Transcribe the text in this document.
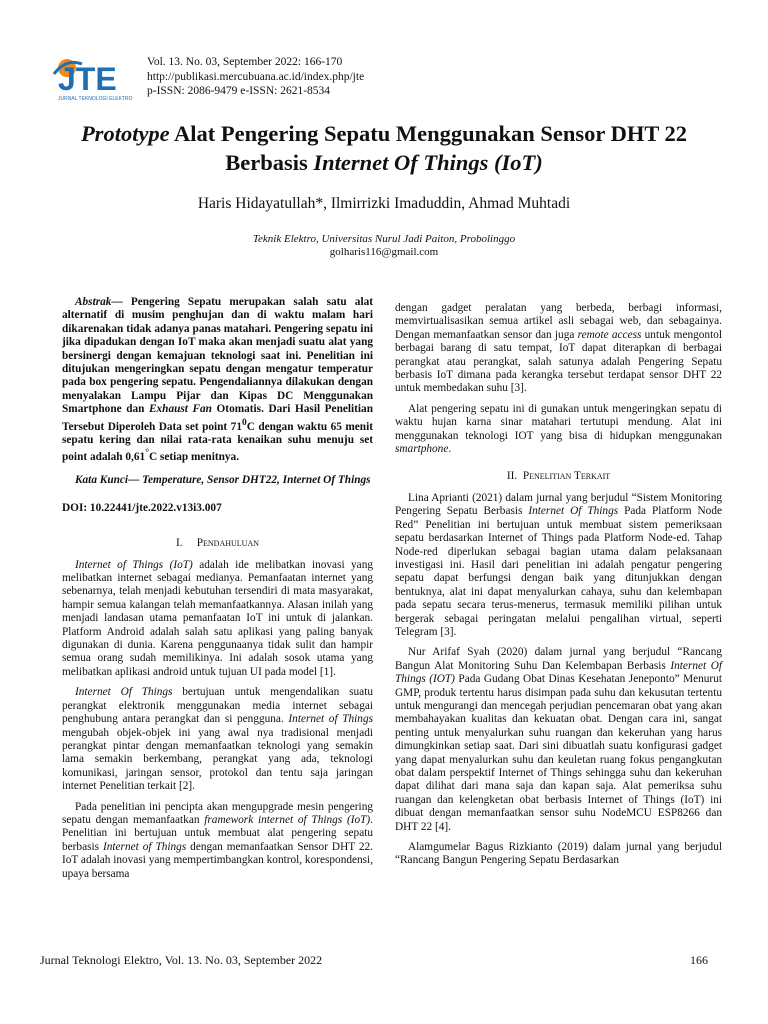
JTE
JURNAL TEKNOLOGI ELEKTRO
Vol. 13. No. 03, September 2022: 166-170
http://publikasi.mercubuana.ac.id/index.php/jte
p-ISSN: 2086‐9479 e-ISSN: 2621-8534
Prototype Alat Pengering Sepatu Menggunakan Sensor DHT 22 Berbasis Internet Of Things (IoT)
Haris Hidayatullah*, Ilmirrizki Imaduddin, Ahmad Muhtadi
Teknik Elektro, Universitas Nurul Jadi Paiton, Probolinggo
golharis116@gmail.com

Abstrak— Pengering Sepatu merupakan salah satu alat alternatif di musim penghujan dan di waktu malam hari dikarenakan tidak adanya panas matahari. Pengering sepatu ini jika dipadukan dengan IoT maka akan menjadi suatu alat yang bersinergi dengan kemajuan teknologi saat ini. Penelitian ini ditujukan mengeringkan sepatu dengan mengatur temperatur pada box pengering sepatu. Pengendaliannya dilakukan dengan menyalakan Lampu Pijar dan Kipas DC Menggunakan Smartphone dan Exhaust Fan Otomatis. Dari Hasil Penelitian Tersebut Diperoleh Data set point $71^0C$ dengan waktu 65 menit sepatu kering dan nilai rata-rata kenaikan suhu menuju set point adalah 0,61°C setiap menitnya.

Kata Kunci— Temperature, Sensor DHT22, Internet Of Things

DOI: 10.22441/jte.2022.v13i3.007

I. Pendahuluan

Internet of Things (IoT) adalah ide melibatkan inovasi yang melibatkan internet sebagai medianya. Pemanfaatan internet yang sebenarnya, telah menjadi kebutuhan tersendiri di mata masyarakat, hampir semua kalangan telah memanfaatkannya. Alasan inilah yang menjadi landasan utama pemanfaatan IoT ini untuk di jalankan. Platform Android adalah salah satu aplikasi yang paling banyak digunakan di dunia. Karena penggunaanya tidak sulit dan hampir semua orang sudah memilikinya. Ini adalah sosok utama yang melibatkan aplikasi android untuk tujuan UI pada model [1].

Internet Of Things bertujuan untuk mengendalikan suatu perangkat elektronik menggunakan media internet sebagai penghubung antara perangkat dan si pengguna. Internet of Things mengubah objek-objek ini yang awal nya tradisional menjadi perangkat pintar dengan memanfaatkan teknologi yang semakin lama semakin berkembang, perangkat yang ada, teknologi komunikasi, jaringan sensor, protokol dan tentu saja jaringan internet Penelitian terkait [2].

Pada penelitian ini pencipta akan mengupgrade mesin pengering sepatu dengan memanfaatkan framework internet of Things (IoT). Penelitian ini bertujuan untuk membuat alat pengering sepatu berbasis Internet of Things dengan memanfaatkan Sensor DHT 22. IoT adalah inovasi yang mempertimbangkan kontrol, korespondensi, upaya bersama

dengan gadget peralatan yang berbeda, berbagi informasi, memvirtualisasikan semua artikel asli sebagai web, dan sebagainya. Dengan memanfaatkan sensor dan juga remote access untuk mengontol berbagai barang di satu tempat, IoT dapat diterapkan di berbagai perangkat atau perangkat, salah satunya adalah Pengering Sepatu berbasis IoT dimana pada kerangka tersebut terdapat sensor DHT 22 untuk membedakan suhu [3].

Alat pengering sepatu ini di gunakan untuk mengeringkan sepatu di waktu hujan karna sinar matahari tertutupi mendung. Alat ini menggunakan teknologi IOT yang bisa di hidupkan menggunakan smartphone.

II. Penelitian Terkait

Lina Aprianti (2021) dalam jurnal yang berjudul “Sistem Monitoring Pengering Sepatu Berbasis Internet Of Things Pada Platform Node Red” Penelitian ini bertujuan untuk membuat sistem pemeriksaan sepatu berdasarkan Internet of Things pada Platform Node-ed. Tahap Node-red diperlukan sebagai bagian utama dalam pelaksanaan investigasi ini. Hasil dari penelitian ini adalah pengatur pengering sepatu dapat berfungsi dengan baik yang ditunjukkan dengan bentuknya, alat ini dapat menyalurkan cahaya, suhu dan kelembapan pada sepatu secara terus-menerus, termasuk memiliki pilihan untuk bergerak sebagai peringatan melalui pengalihan virtual, seperti Telegram [3].

Nur Arifaf Syah (2020) dalam jurnal yang berjudul “Rancang Bangun Alat Monitoring Suhu Dan Kelembapan Berbasis Internet Of Things (IOT) Pada Gudang Obat Dinas Kesehatan Jeneponto” Menurut GMP, produk tertentu harus disimpan pada suhu dan kekusutan tertentu untuk mengurangi dan mencegah perjudian pencemaran obat yang akan membahayakan kualitas dan kekuatan obat. Dengan cara ini, sangat penting untuk menyalurkan suhu ruangan dan kekeruhan yang harus dimungkinkan setiap saat. Dari sini dibuatlah suatu konfigurasi gadget yang dapat menyalurkan suhu dan keuletan ruang fokus pengangkutan obat dalam perspektif Internet of Things sehingga suhu dan kekeruhan dapat dilihat dari mana saja dan kapan saja. Alat pemeriksa suhu ruangan dan kelengketan obat berbasis Internet of Things (IoT) ini dibuat dengan memanfaatkan sensor suhu NodeMCU ESP8266 dan DHT 22 [4].

Alamgumelar Bagus Rizkianto (2019) dalam jurnal yang berjudul “Rancang Bangun Pengering Sepatu Berdasarkan

Jurnal Teknologi Elektro, Vol. 13. No. 03, September 2022	166
